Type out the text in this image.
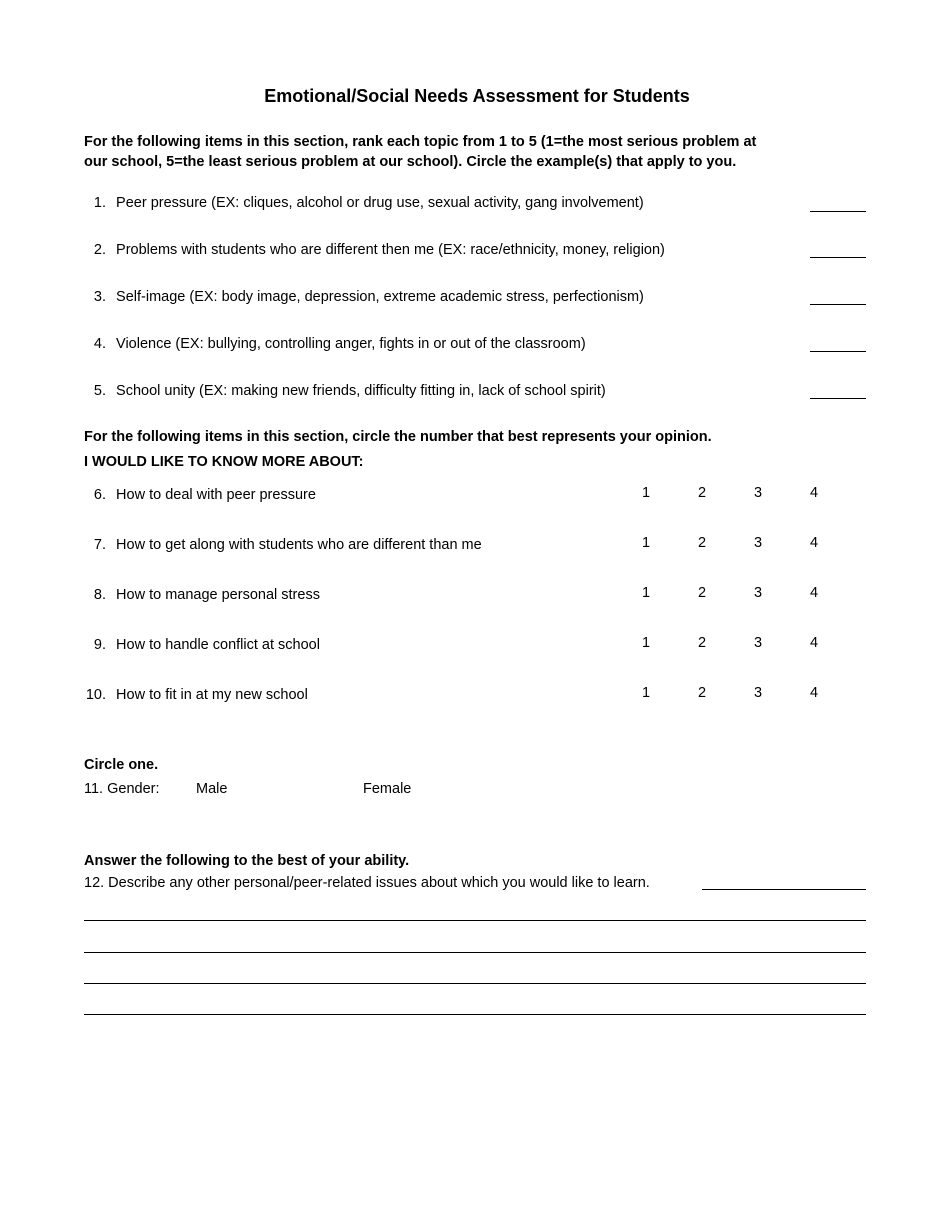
Emotional/Social Needs Assessment for Students
For the following items in this section, rank each topic from 1 to 5 (1=the most serious problem at
our school, 5=the least serious problem at our school). Circle the example(s) that apply to you.
1. Peer pressure (EX: cliques, alcohol or drug use, sexual activity, gang involvement)
2. Problems with students who are different then me (EX: race/ethnicity, money, religion)
3. Self-image (EX: body image, depression, extreme academic stress, perfectionism)
4. Violence (EX: bullying, controlling anger, fights in or out of the classroom)
5. School unity (EX: making new friends, difficulty fitting in, lack of school spirit)
For the following items in this section, circle the number that best represents your opinion.
I WOULD LIKE TO KNOW MORE ABOUT:
6. How to deal with peer pressure	1	2	3	4
7. How to get along with students who are different than me	1	2	3	4
8. How to manage personal stress	1	2	3	4
9. How to handle conflict at school	1	2	3	4
10. How to fit in at my new school	1	2	3	4
Circle one.
11. Gender:	Male	Female
Answer the following to the best of your ability.
12. Describe any other personal/peer-related issues about which you would like to learn.
